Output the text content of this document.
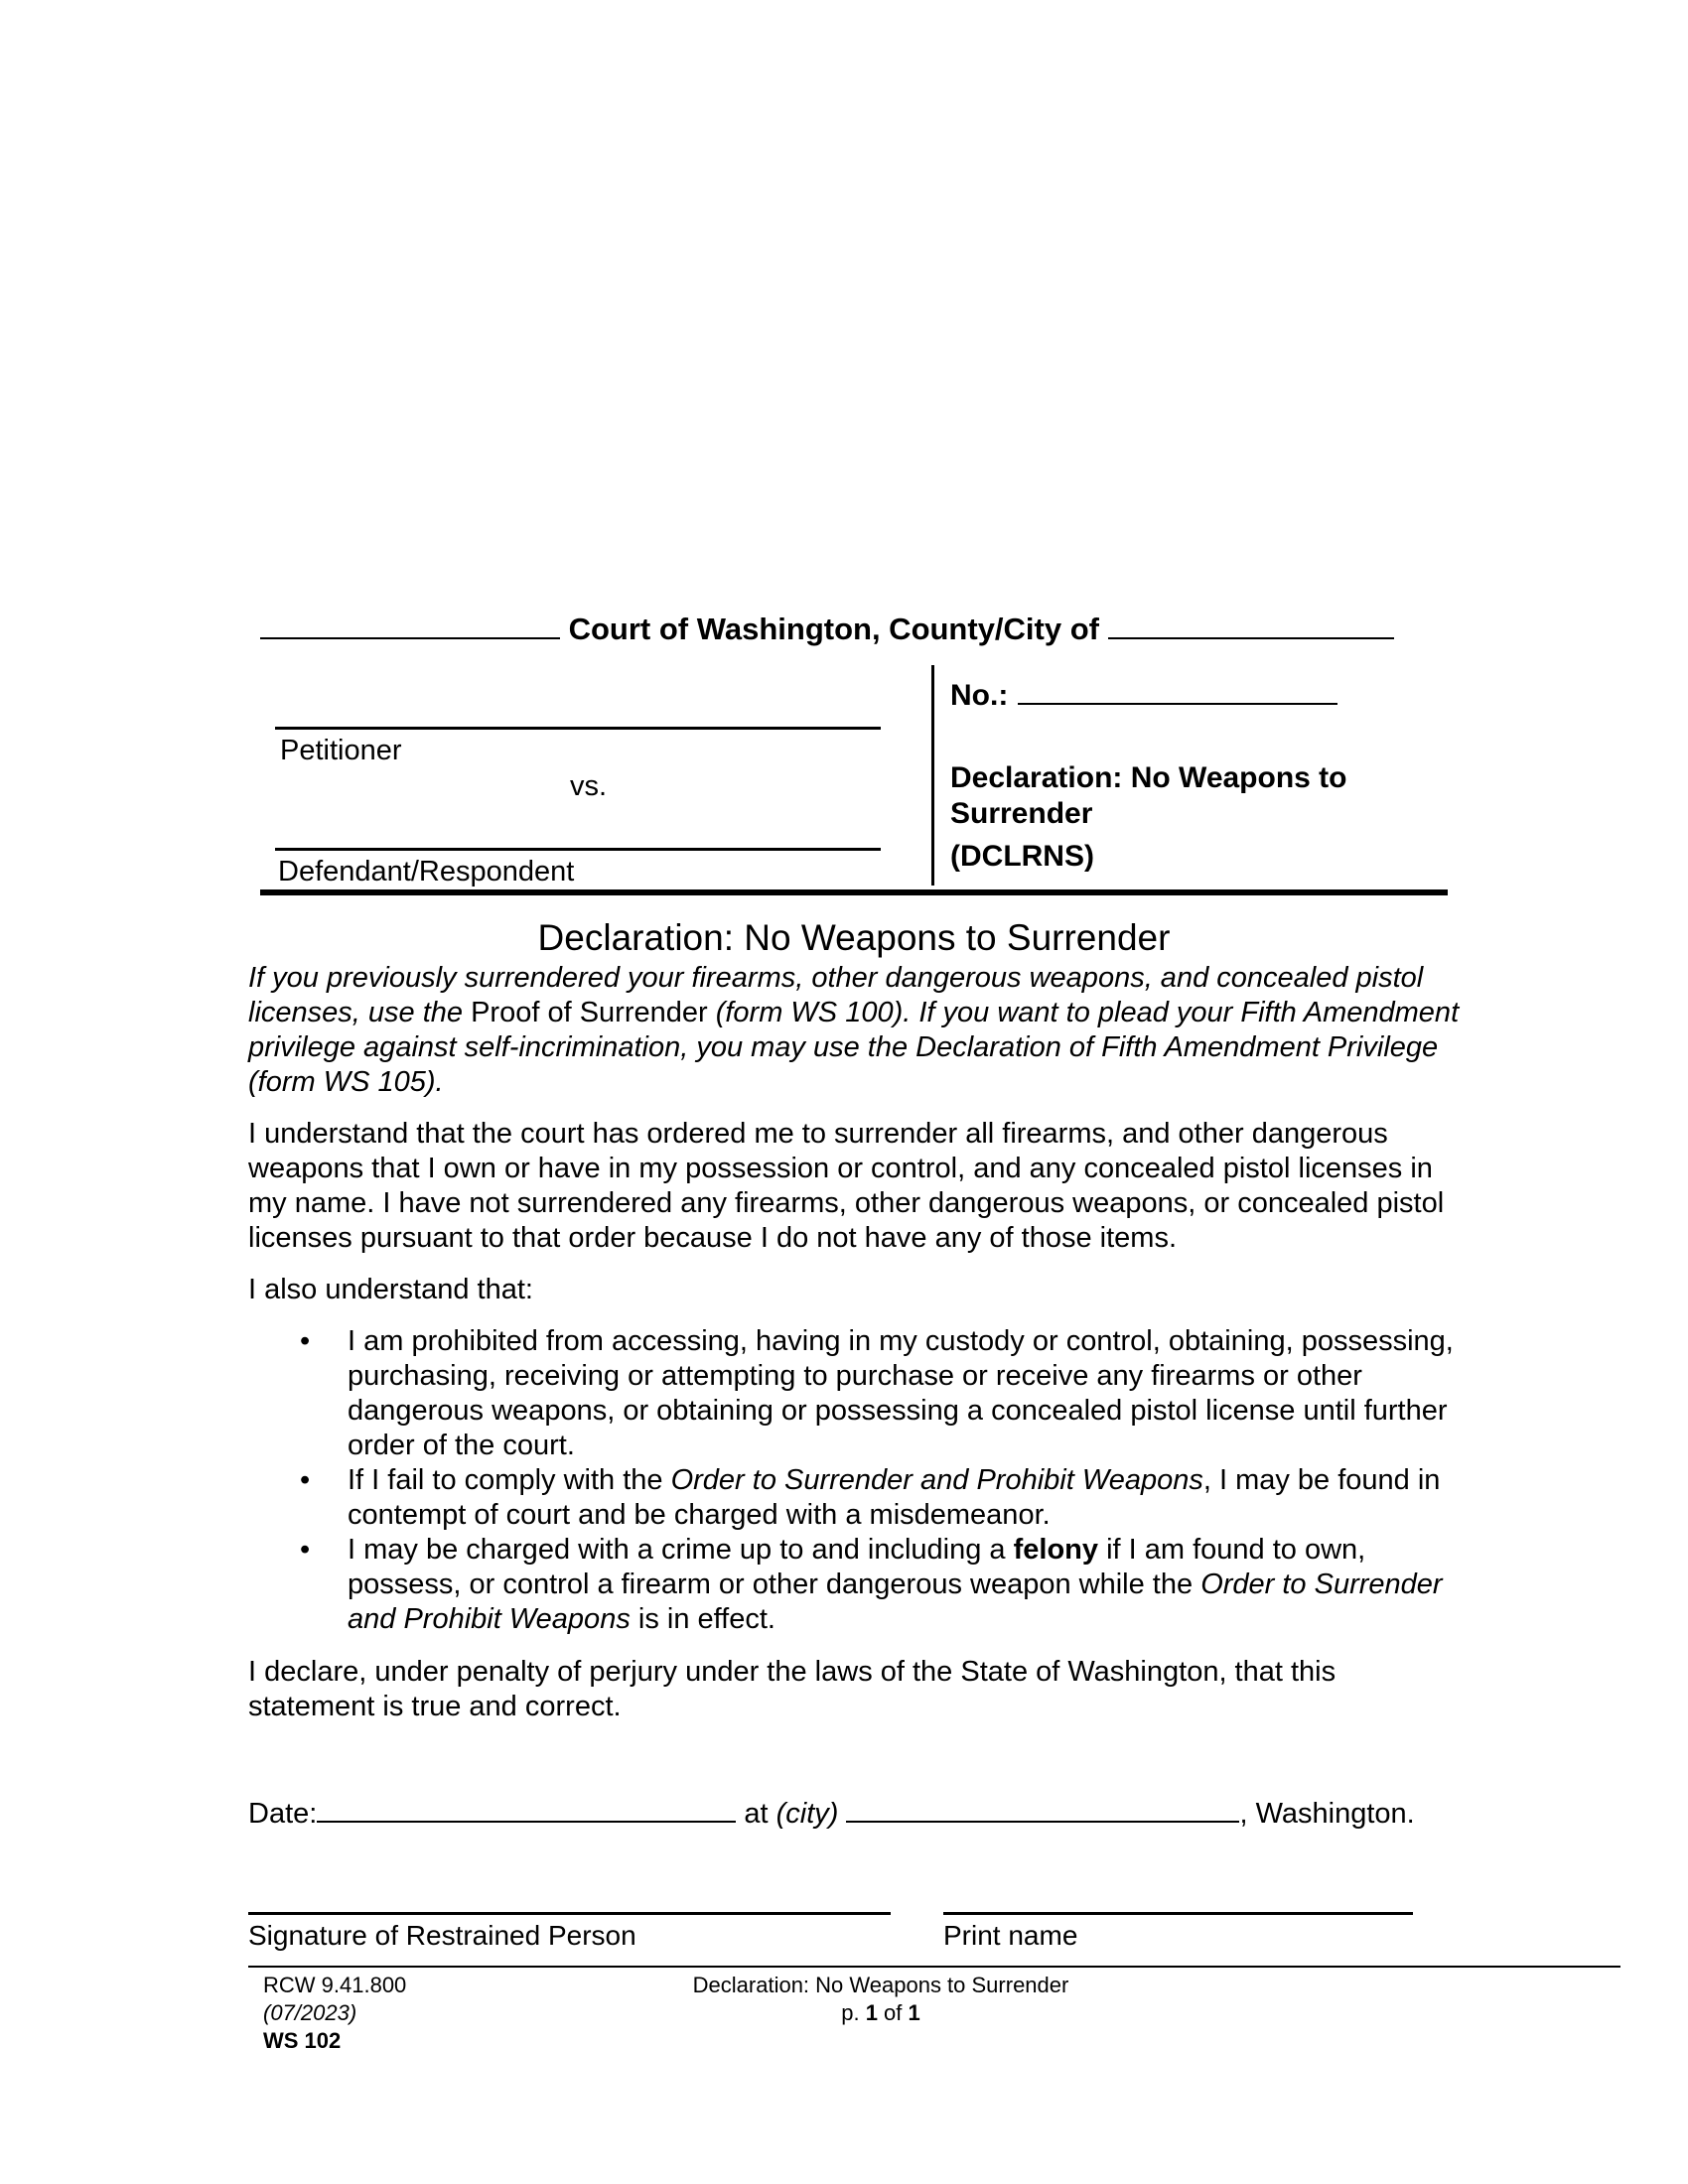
Court of Washington, County/City of
Petitioner
vs.
Defendant/Respondent
No.:
Declaration: No Weapons to Surrender
(DCLRNS)
Declaration: No Weapons to Surrender

If you previously surrendered your firearms, other dangerous weapons, and concealed pistol licenses, use the Proof of Surrender (form WS 100). If you want to plead your Fifth Amendment privilege against self-incrimination, you may use the Declaration of Fifth Amendment Privilege (form WS 105).

I understand that the court has ordered me to surrender all firearms, and other dangerous weapons that I own or have in my possession or control, and any concealed pistol licenses in my name. I have not surrendered any firearms, other dangerous weapons, or concealed pistol licenses pursuant to that order because I do not have any of those items.

I also understand that:

• I am prohibited from accessing, having in my custody or control, obtaining, possessing, purchasing, receiving or attempting to purchase or receive any firearms or other dangerous weapons, or obtaining or possessing a concealed pistol license until further order of the court.
• If I fail to comply with the Order to Surrender and Prohibit Weapons, I may be found in contempt of court and be charged with a misdemeanor.
• I may be charged with a crime up to and including a felony if I am found to own, possess, or control a firearm or other dangerous weapon while the Order to Surrender and Prohibit Weapons is in effect.

I declare, under penalty of perjury under the laws of the State of Washington, that this statement is true and correct.

Date:	at (city)	, Washington.
Signature of Restrained Person	Print name
RCW 9.41.800
(07/2023)
WS 102
Declaration: No Weapons to Surrender
p. 1 of 1
